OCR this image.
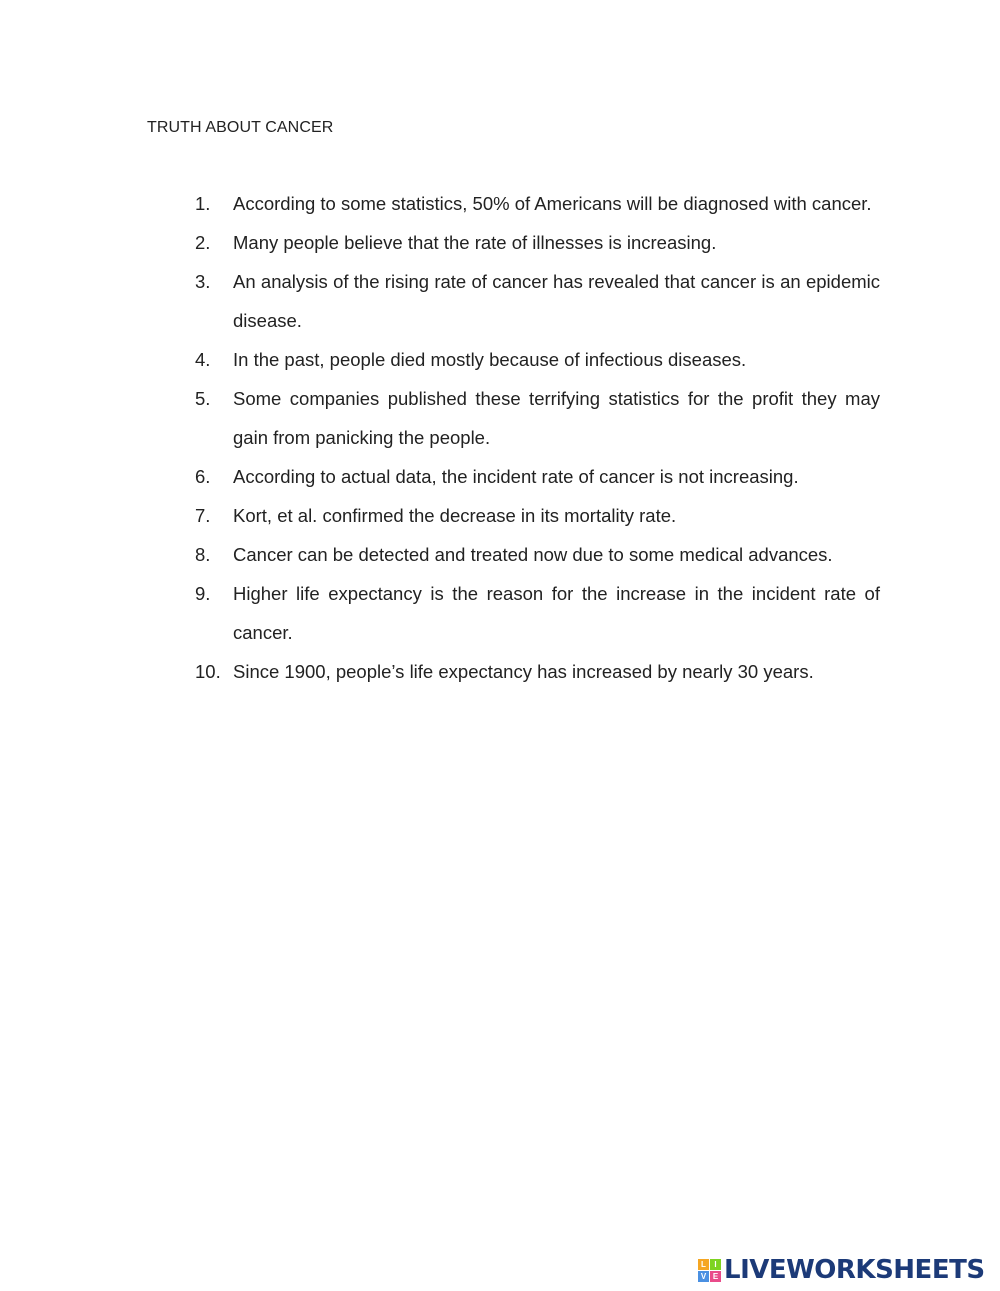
TRUTH ABOUT CANCER
1.	According to some statistics, 50% of Americans will be diagnosed with cancer.
2.	Many people believe that the rate of illnesses is increasing.
3.	An analysis of the rising rate of cancer has revealed that cancer is an epidemic disease.
4.	In the past, people died mostly because of infectious diseases.
5.	Some companies published these terrifying statistics for the profit they may gain from panicking the people.
6.	According to actual data, the incident rate of cancer is not increasing.
7.	Kort, et al. confirmed the decrease in its mortality rate.
8.	Cancer can be detected and treated now due to some medical advances.
9.	Higher life expectancy is the reason for the increase in the incident rate of cancer.
10. Since 1900, people’s life expectancy has increased by nearly 30 years.
L	I
V E LIVEWORKSHEETS
